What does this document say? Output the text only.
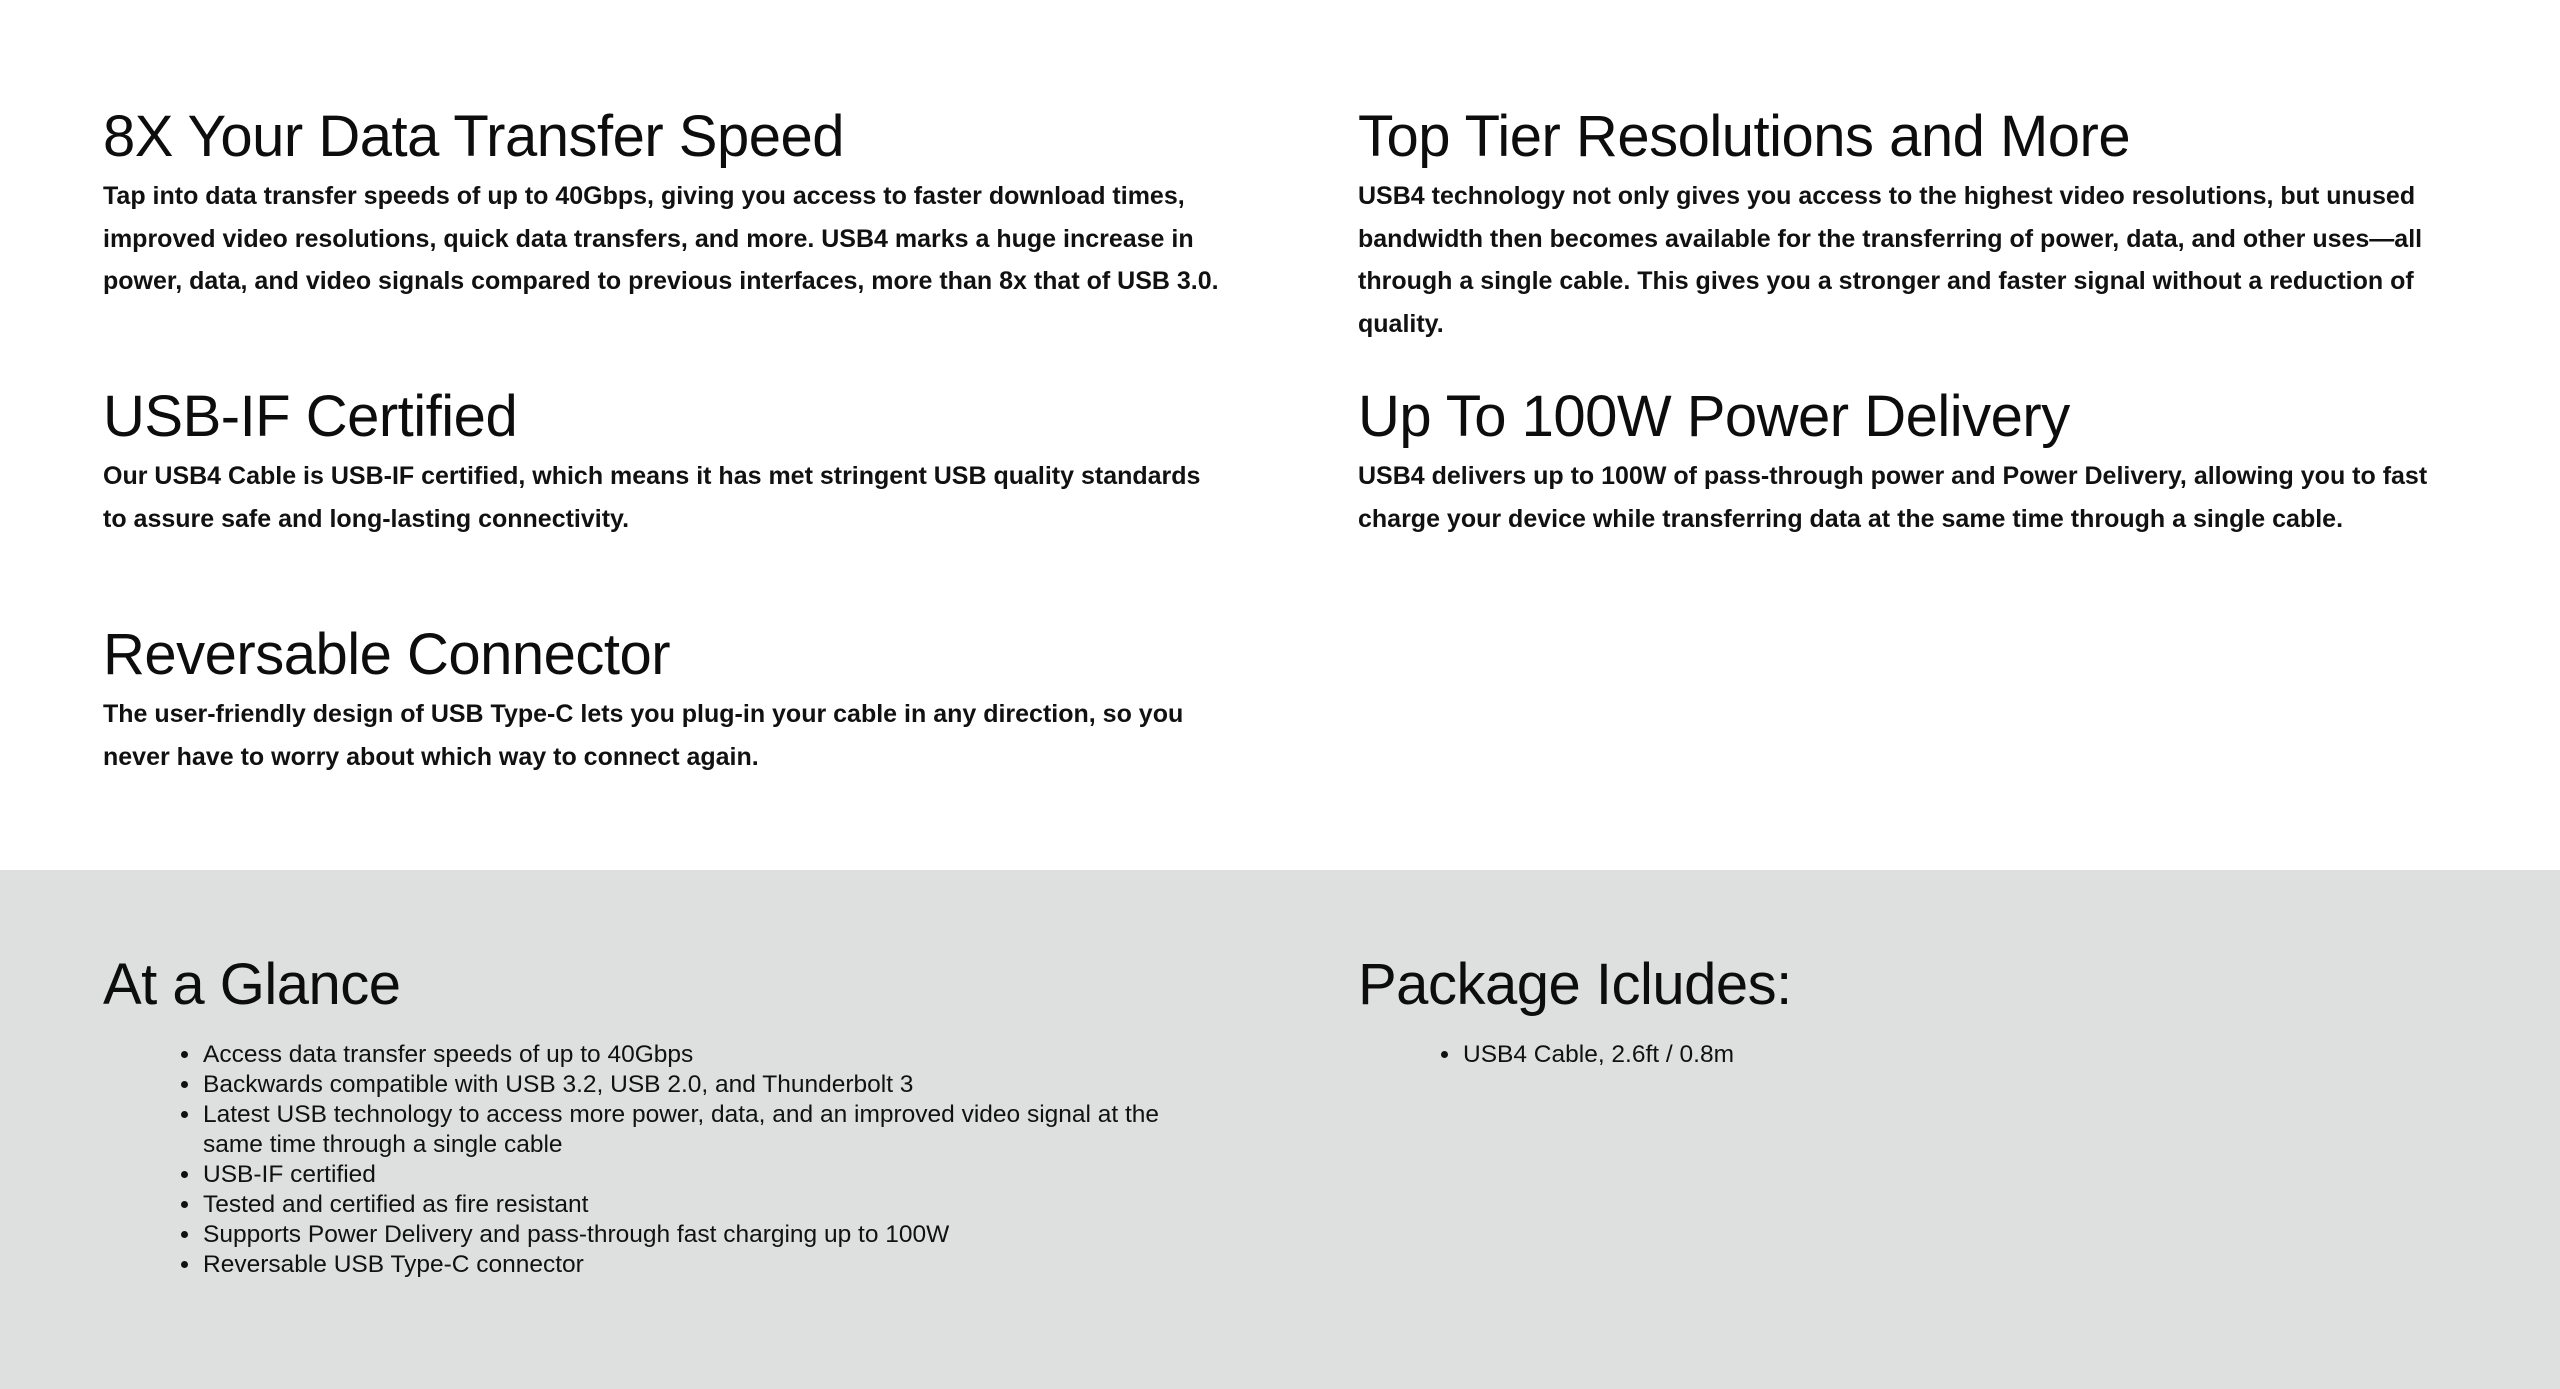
8X Your Data Transfer Speed

Tap into data transfer speeds of up to 40Gbps, giving you access to faster download times, improved video resolutions, quick data transfers, and more. USB4 marks a huge increase in power, data, and video signals compared to previous interfaces, more than 8x that of USB 3.0.

Top Tier Resolutions and More

USB4 technology not only gives you access to the highest video resolutions, but unused bandwidth then becomes available for the transferring of power, data, and other uses—all through a single cable. This gives you a stronger and faster signal without a reduction of quality.

USB-IF Certified

Our USB4 Cable is USB-IF certified, which means it has met stringent USB quality standards to assure safe and long-lasting connectivity.

Up To 100W Power Delivery

USB4 delivers up to 100W of pass-through power and Power Delivery, allowing you to fast charge your device while transferring data at the same time through a single cable.

Reversable Connector

The user-friendly design of USB Type-C lets you plug-in your cable in any direction, so you never have to worry about which way to connect again.

At a Glance
• Access data transfer speeds of up to 40Gbps
• Backwards compatible with USB 3.2, USB 2.0, and Thunderbolt 3
• Latest USB technology to access more power, data, and an improved video signal at the same time through a single cable
• USB-IF certified
• Tested and certified as fire resistant
• Supports Power Delivery and pass-through fast charging up to 100W
• Reversable USB Type-C connector
Package Icludes:
• USB4 Cable, 2.6ft / 0.8m
